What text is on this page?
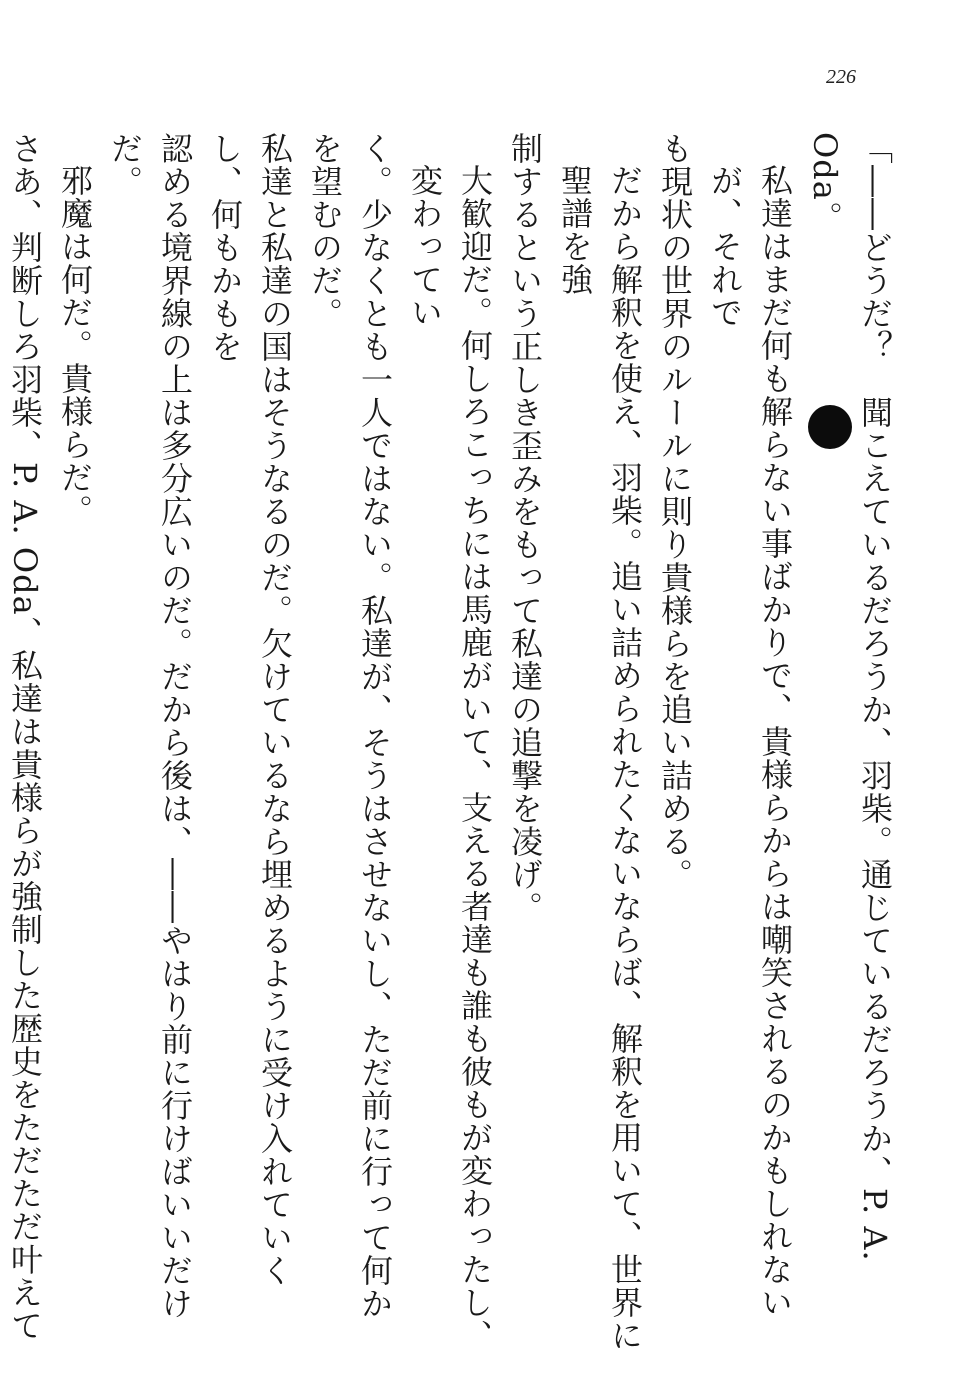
226
「――どうだ？　聞こえているだろうか、羽柴。通じているだろうか、P. A. Oda。
私達はまだ何も解らない事ばかりで、貴様らからは嘲笑されるのかもしれないが、それで
も現状の世界のルールに則り貴様らを追い詰める。
だから解釈を使え、羽柴。追い詰められたくないならば、解釈を用いて、世界に聖譜を強
制するという正しき歪みをもって私達の追撃を凌げ。
大歓迎だ。何しろこっちには馬鹿がいて、支える者達も誰も彼もが変わったし、変わってい
く。少なくとも一人ではない。私達が、そうはさせないし、ただ前に行って何かを望むのだ。
私達と私達の国はそうなるのだ。欠けているなら埋めるように受け入れていくし、何もかもを
認める境界線の上は多分広いのだ。だから後は、――やはり前に行けばいいだけだ。
邪魔は何だ。貴様らだ。
さあ、判断しろ羽柴、P. A. Oda、私達は貴様らが強制した歴史をただただ叶えて
